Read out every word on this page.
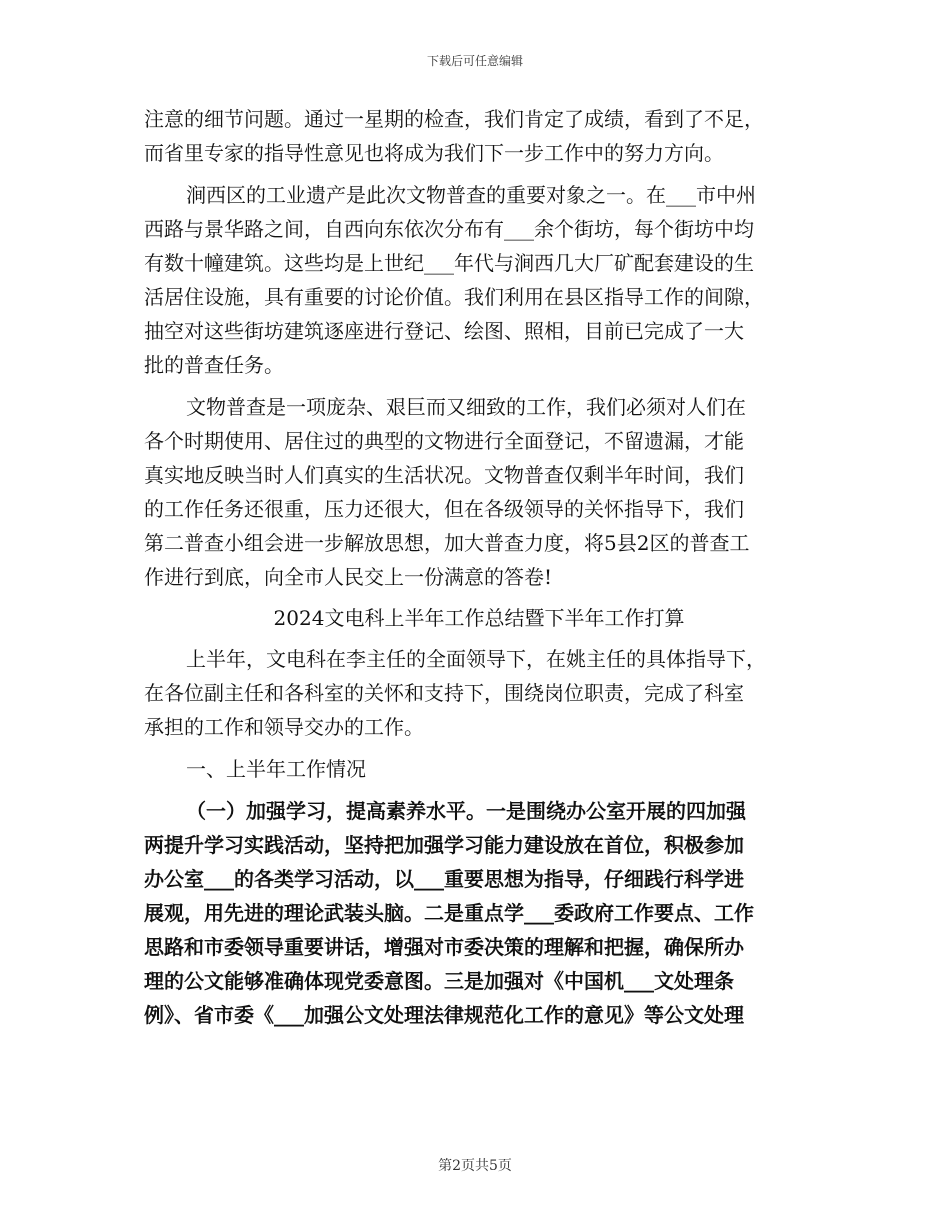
下载后可任意编辑
注意的细节问题。通过一星期的检查，我们肯定了成绩，看到了不足，
而省里专家的指导性意见也将成为我们下一步工作中的努力方向。
涧西区的工业遗产是此次文物普查的重要对象之一。在___市中州
西路与景华路之间，自西向东依次分布有___余个街坊，每个街坊中均
有数十幢建筑。这些均是上世纪___年代与涧西几大厂矿配套建设的生
活居住设施，具有重要的讨论价值。我们利用在县区指导工作的间隙，
抽空对这些街坊建筑逐座进行登记、绘图、照相，目前已完成了一大
批的普查任务。
文物普查是一项庞杂、艰巨而又细致的工作，我们必须对人们在
各个时期使用、居住过的典型的文物进行全面登记，不留遗漏，才能
真实地反映当时人们真实的生活状况。文物普查仅剩半年时间，我们
的工作任务还很重，压力还很大，但在各级领导的关怀指导下，我们
第二普查小组会进一步解放思想，加大普查力度，将5县2区的普查工
作进行到底，向全市人民交上一份满意的答卷!
2024文电科上半年工作总结暨下半年工作打算
上半年，文电科在李主任的全面领导下，在姚主任的具体指导下，
在各位副主任和各科室的关怀和支持下，围绕岗位职责，完成了科室
承担的工作和领导交办的工作。
一、上半年工作情况
（一）加强学习，提高素养水平。一是围绕办公室开展的四加强
两提升学习实践活动，坚持把加强学习能力建设放在首位，积极参加
办公室___的各类学习活动，以___重要思想为指导，仔细践行科学进
展观，用先进的理论武装头脑。二是重点学___委政府工作要点、工作
思路和市委领导重要讲话，增强对市委决策的理解和把握，确保所办
理的公文能够准确体现党委意图。三是加强对《中国机___文处理条
例》、省市委《___加强公文处理法律规范化工作的意见》等公文处理
第2页共5页
